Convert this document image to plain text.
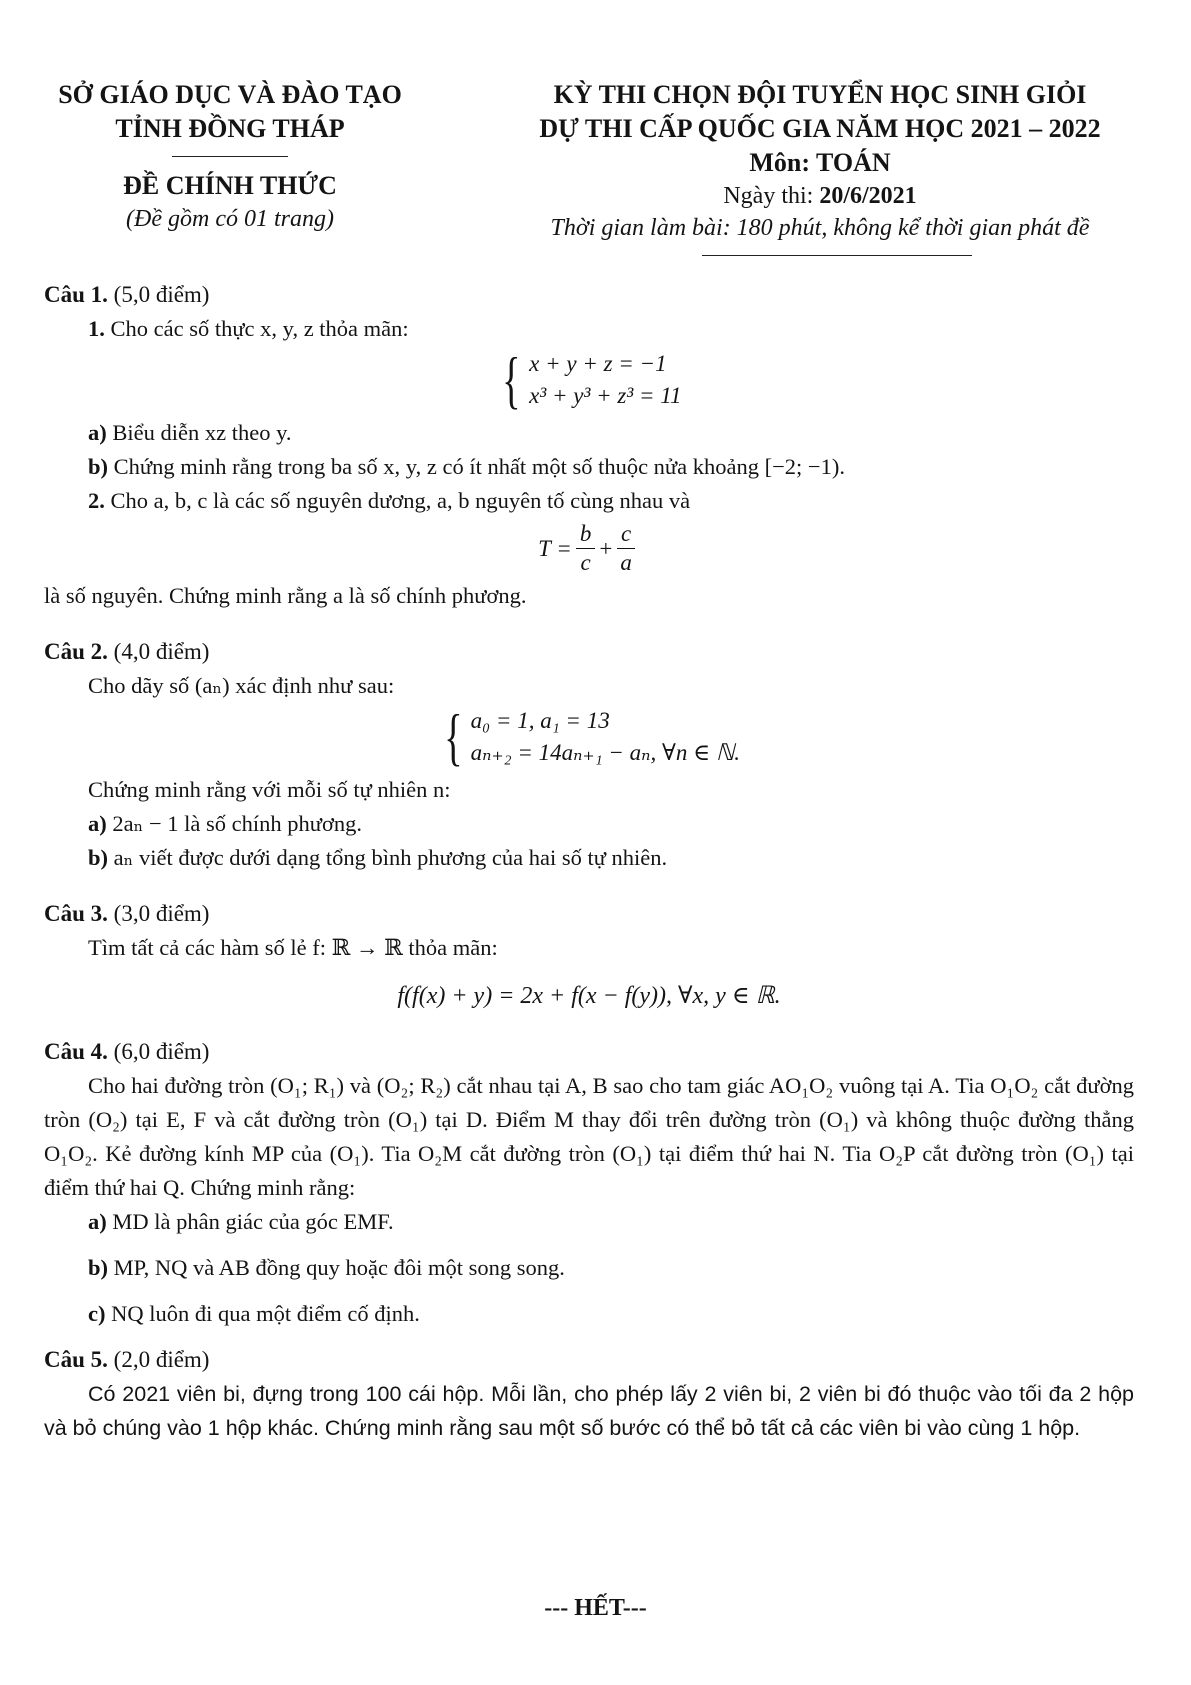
SỞ GIÁO DỤC VÀ ĐÀO TẠO
TỈNH ĐỒNG THÁP
ĐỀ CHÍNH THỨC
(Đề gồm có 01 trang)
KỲ THI CHỌN ĐỘI TUYỂN HỌC SINH GIỎI
DỰ THI CẤP QUỐC GIA NĂM HỌC 2021 – 2022
Môn: TOÁN
Ngày thi: 20/6/2021
Thời gian làm bài: 180 phút, không kể thời gian phát đề
Câu 1. (5,0 điểm)
1. Cho các số thực x, y, z thỏa mãn:
{ x + y + z = −1
x³ + y³ + z³ = 11
a) Biểu diễn xz theo y.
b) Chứng minh rằng trong ba số x, y, z có ít nhất một số thuộc nửa khoảng [−2; −1).
2. Cho a, b, c là các số nguyên dương, a, b nguyên tố cùng nhau và
$T = \frac{b}{c} + \frac{c}{a}$
là số nguyên. Chứng minh rằng a là số chính phương.
Câu 2. (4,0 điểm)
Cho dãy số (aₙ) xác định như sau:
{ a₀ = 1, a₁ = 13
aₙ₊₂ = 14aₙ₊₁ − aₙ, ∀n ∈ ℕ.
Chứng minh rằng với mỗi số tự nhiên n:
a) 2aₙ − 1 là số chính phương.
b) aₙ viết được dưới dạng tổng bình phương của hai số tự nhiên.
Câu 3. (3,0 điểm)
Tìm tất cả các hàm số lẻ f: ℝ → ℝ thỏa mãn:
f(f(x) + y) = 2x + f(x − f(y)), ∀x, y ∈ ℝ.
Câu 4. (6,0 điểm)
Cho hai đường tròn (O₁; R₁) và (O₂; R₂) cắt nhau tại A, B sao cho tam giác AO₁O₂ vuông tại A. Tia O₁O₂ cắt đường tròn (O₂) tại E, F và cắt đường tròn (O₁) tại D. Điểm M thay đổi trên đường tròn (O₁) và không thuộc đường thẳng O₁O₂. Kẻ đường kính MP của (O₁). Tia O₂M cắt đường tròn (O₁) tại điểm thứ hai N. Tia O₂P cắt đường tròn (O₁) tại điểm thứ hai Q. Chứng minh rằng:
a) MD là phân giác của góc EMF.
b) MP, NQ và AB đồng quy hoặc đôi một song song.
c) NQ luôn đi qua một điểm cố định.
Câu 5. (2,0 điểm)
Có 2021 viên bi, đựng trong 100 cái hộp. Mỗi lần, cho phép lấy 2 viên bi, 2 viên bi đó thuộc vào tối đa 2 hộp và bỏ chúng vào 1 hộp khác. Chứng minh rằng sau một số bước có thể bỏ tất cả các viên bi vào cùng 1 hộp.
--- HẾT---
